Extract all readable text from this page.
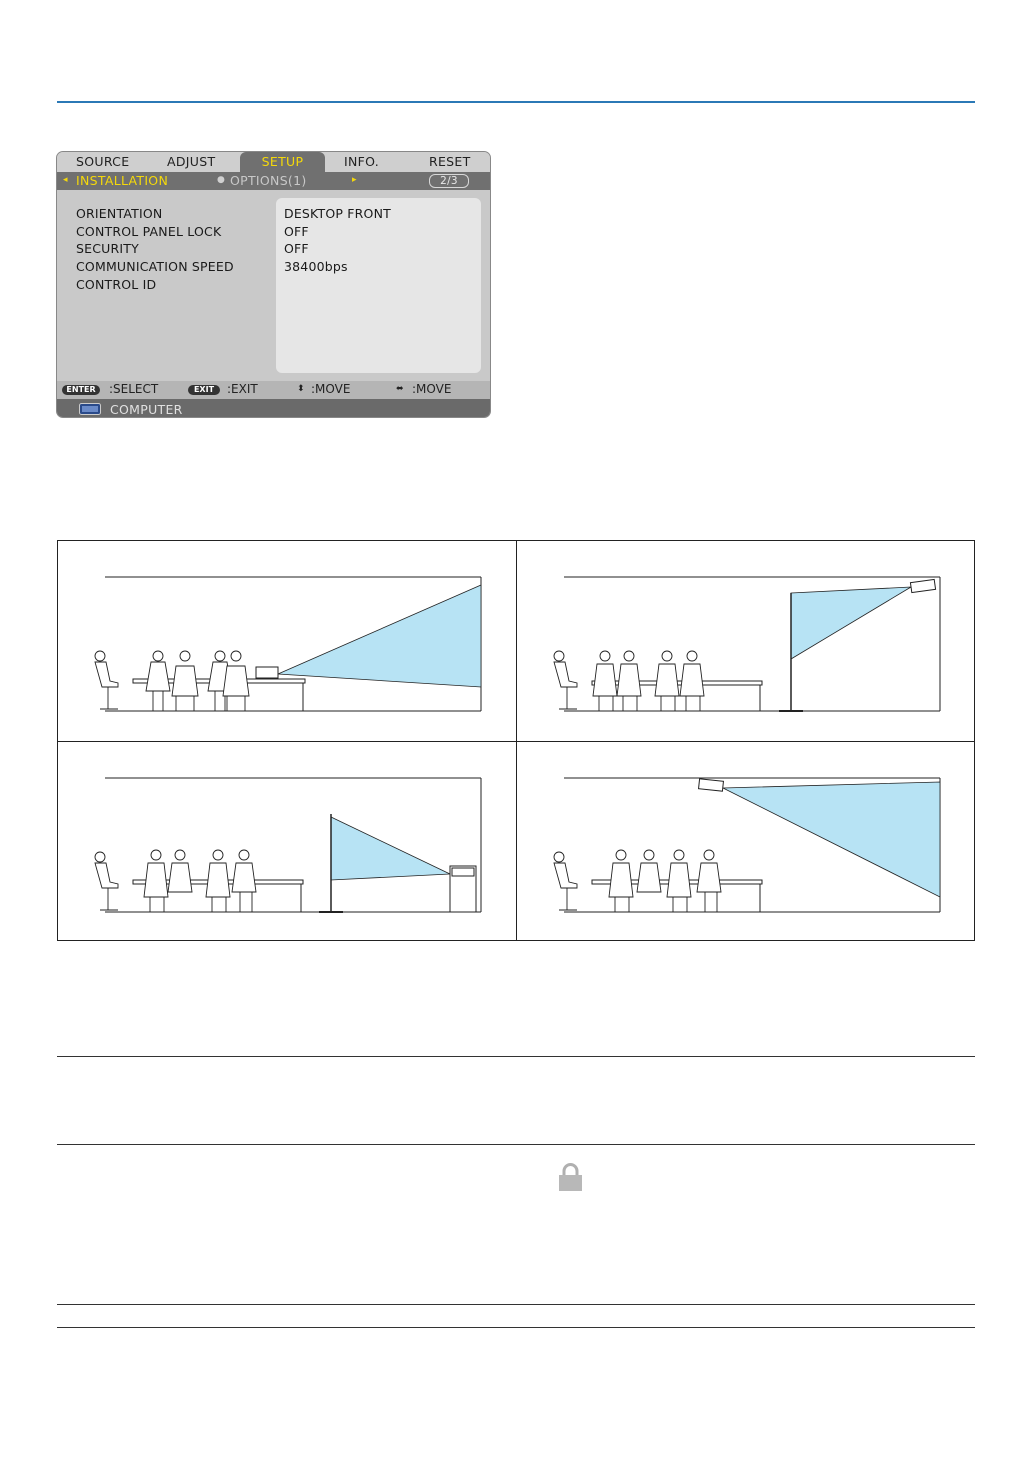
SOURCE	ADJUST	SETUP	INFO.	RESET
◂ INSTALLATION	● OPTIONS(1)	▸	2/3
ORIENTATION	DESKTOP FRONT
CONTROL PANEL LOCK	OFF
SECURITY	OFF
COMMUNICATION SPEED	38400bps
CONTROL ID
ENTER	:SELECT	EXIT	:EXIT	⬍ :MOVE	⬌ :MOVE
COMPUTER
